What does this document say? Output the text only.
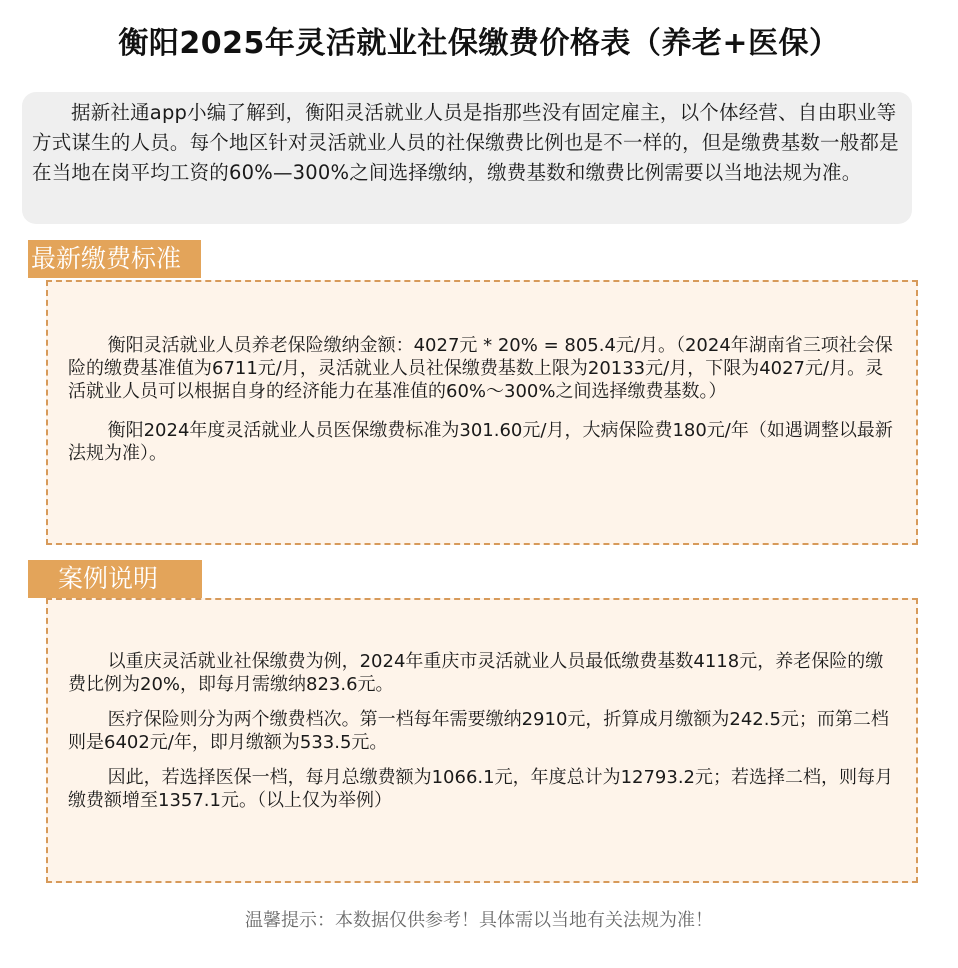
衡阳2025年灵活就业社保缴费价格表（养老+医保）
据新社通app小编了解到，衡阳灵活就业人员是指那些没有固定雇主，以个体经营、自由职业等方式谋生的人员。每个地区针对灵活就业人员的社保缴费比例也是不一样的，但是缴费基数一般都是在当地在岗平均工资的60%—300%之间选择缴纳，缴费基数和缴费比例需要以当地法规为准。
最新缴费标准

衡阳灵活就业人员养老保险缴纳金额：4027元 * 20% = 805.4元/月。（2024年湖南省三项社会保险的缴费基准值为6711元/月，灵活就业人员社保缴费基数上限为20133元/月，下限为4027元/月。灵活就业人员可以根据自身的经济能力在基准值的60%～300%之间选择缴费基数。）

衡阳2024年度灵活就业人员医保缴费标准为301.60元/月，大病保险费180元/年（如遇调整以最新法规为准）。

案例说明

以重庆灵活就业社保缴费为例，2024年重庆市灵活就业人员最低缴费基数4118元，养老保险的缴费比例为20%，即每月需缴纳823.6元。

医疗保险则分为两个缴费档次。第一档每年需要缴纳2910元，折算成月缴额为242.5元；而第二档则是6402元/年，即月缴额为533.5元。

因此，若选择医保一档，每月总缴费额为1066.1元，年度总计为12793.2元；若选择二档，则每月缴费额增至1357.1元。（以上仅为举例）

温馨提示：本数据仅供参考！具体需以当地有关法规为准！
